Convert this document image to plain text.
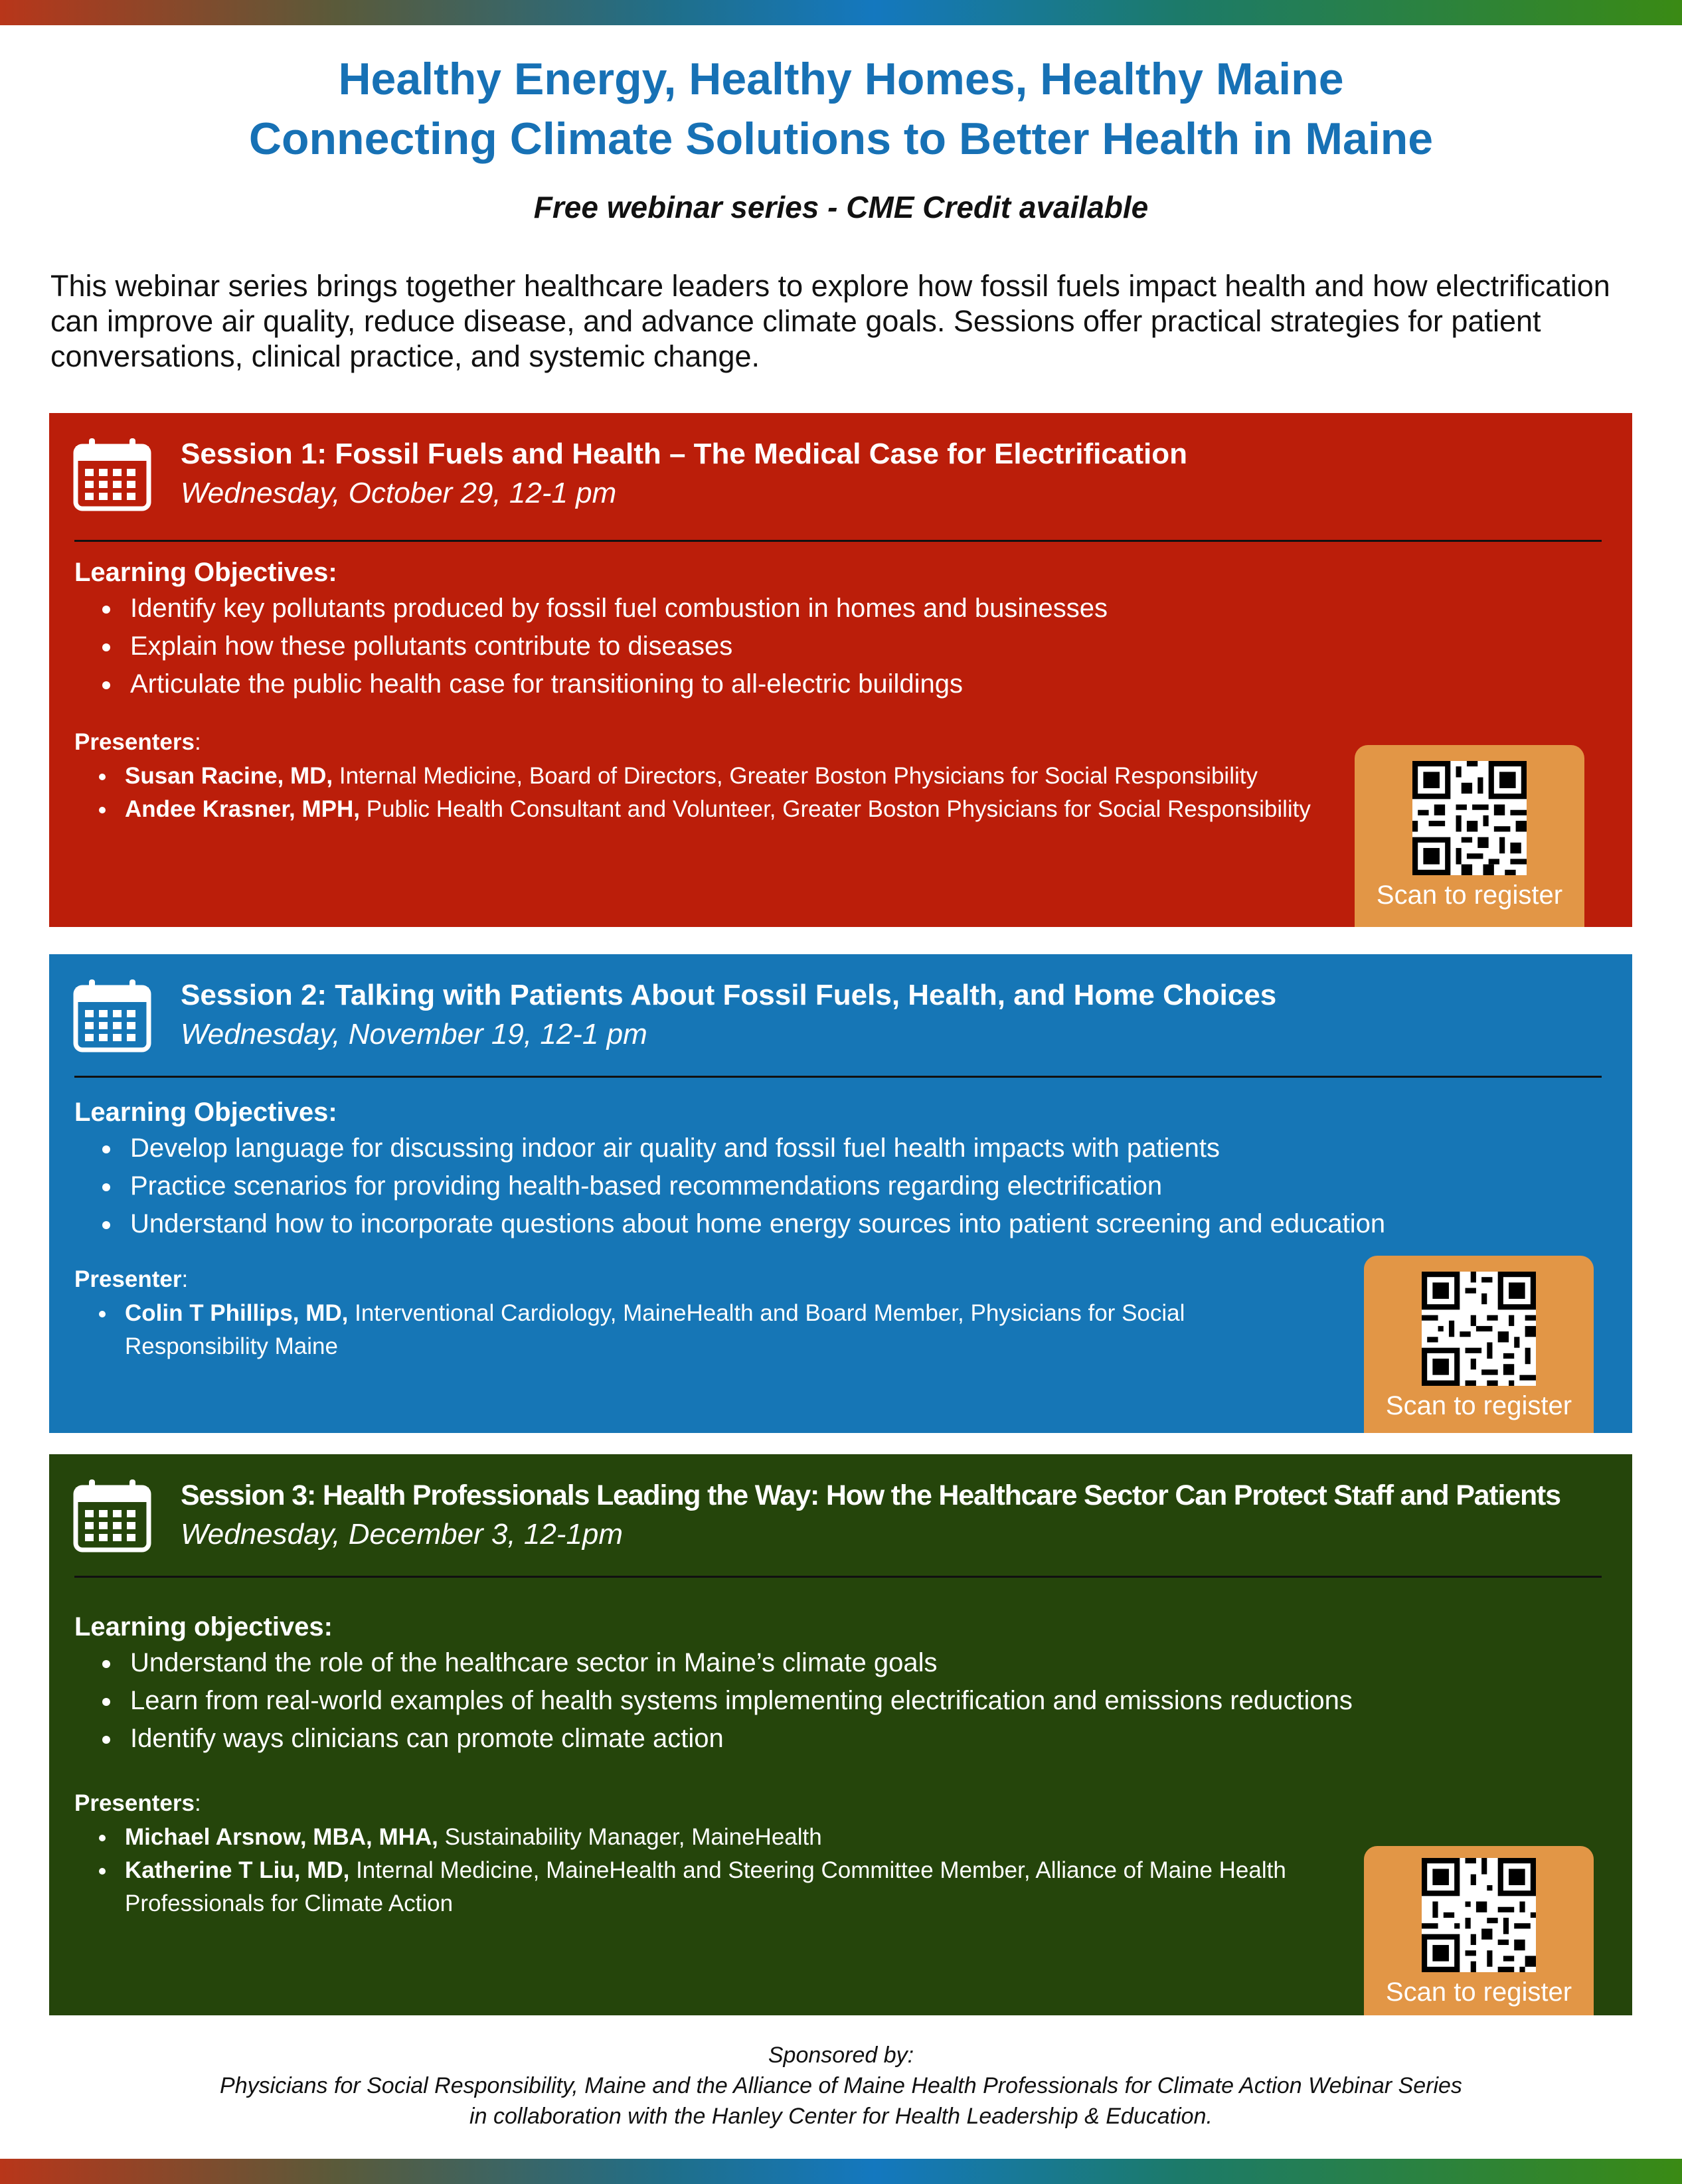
Healthy Energy, Healthy Homes, Healthy Maine
Connecting Climate Solutions to Better Health in Maine
Free webinar series - CME Credit available
This webinar series brings together healthcare leaders to explore how fossil fuels impact health and how electrification can improve air quality, reduce disease, and advance climate goals. Sessions offer practical strategies for patient conversations, clinical practice, and systemic change.
Session 1: Fossil Fuels and Health – The Medical Case for Electrification
Wednesday, October 29, 12-1 pm
Learning Objectives:
• Identify key pollutants produced by fossil fuel combustion in homes and businesses
• Explain how these pollutants contribute to diseases
• Articulate the public health case for transitioning to all-electric buildings
Presenters:
• Susan Racine, MD, Internal Medicine, Board of Directors, Greater Boston Physicians for Social Responsibility
• Andee Krasner, MPH, Public Health Consultant and Volunteer, Greater Boston Physicians for Social Responsibility
Scan to register
Session 2: Talking with Patients About Fossil Fuels, Health, and Home Choices
Wednesday, November 19, 12-1 pm
Learning Objectives:
• Develop language for discussing indoor air quality and fossil fuel health impacts with patients
• Practice scenarios for providing health-based recommendations regarding electrification
• Understand how to incorporate questions about home energy sources into patient screening and education
Presenter:
• Colin T Phillips, MD, Interventional Cardiology, MaineHealth and Board Member, Physicians for Social Responsibility Maine
Scan to register
Session 3: Health Professionals Leading the Way: How the Healthcare Sector Can Protect Staff and Patients
Wednesday, December 3, 12-1pm
Learning objectives:
• Understand the role of the healthcare sector in Maine’s climate goals
• Learn from real-world examples of health systems implementing electrification and emissions reductions
• Identify ways clinicians can promote climate action
Presenters:
• Michael Arsnow, MBA, MHA, Sustainability Manager, MaineHealth
• Katherine T Liu, MD, Internal Medicine, MaineHealth and Steering Committee Member, Alliance of Maine Health Professionals for Climate Action
Scan to register
Sponsored by:
Physicians for Social Responsibility, Maine and the Alliance of Maine Health Professionals for Climate Action Webinar Series
in collaboration with the Hanley Center for Health Leadership & Education.
